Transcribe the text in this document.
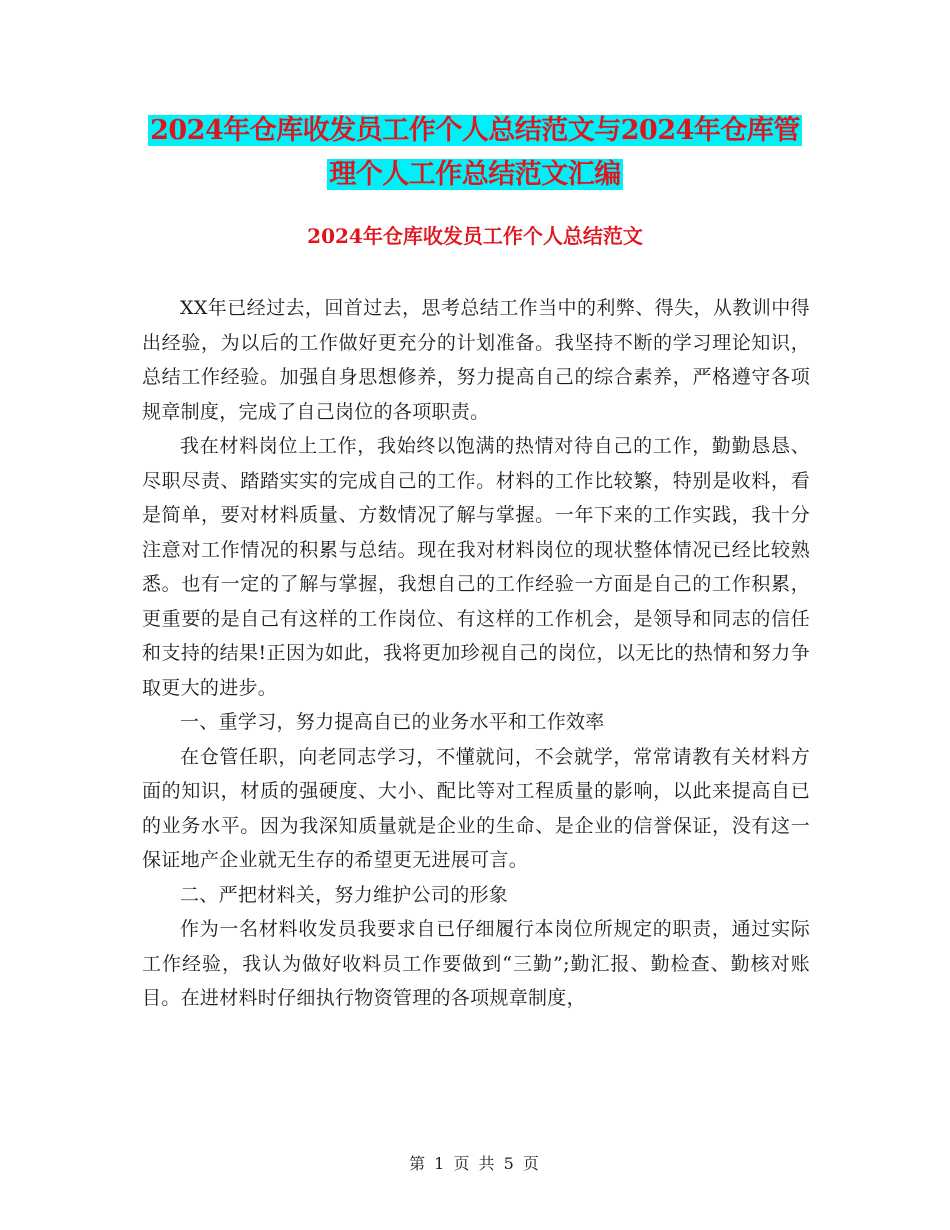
2024年仓库收发员工作个人总结范文与2024年仓库管
理个人工作总结范文汇编
2024年仓库收发员工作个人总结范文

XX年已经过去，回首过去，思考总结工作当中的利弊、得失，从教训中得出经验，为以后的工作做好更充分的计划准备。我坚持不断的学习理论知识，总结工作经验。加强自身思想修养，努力提高自己的综合素养，严格遵守各项规章制度，完成了自己岗位的各项职责。

我在材料岗位上工作，我始终以饱满的热情对待自己的工作，勤勤恳恳、尽职尽责、踏踏实实的完成自己的工作。材料的工作比较繁，特别是收料，看是简单，要对材料质量、方数情况了解与掌握。一年下来的工作实践，我十分注意对工作情况的积累与总结。现在我对材料岗位的现状整体情况已经比较熟悉。也有一定的了解与掌握，我想自己的工作经验一方面是自己的工作积累，更重要的是自己有这样的工作岗位、有这样的工作机会，是领导和同志的信任和支持的结果!正因为如此，我将更加珍视自己的岗位，以无比的热情和努力争取更大的进步。

一、重学习，努力提高自已的业务水平和工作效率

在仓管任职，向老同志学习，不懂就问，不会就学，常常请教有关材料方面的知识，材质的强硬度、大小、配比等对工程质量的影响，以此来提高自已的业务水平。因为我深知质量就是企业的生命、是企业的信誉保证，没有这一保证地产企业就无生存的希望更无进展可言。

二、严把材料关，努力维护公司的形象

作为一名材料收发员我要求自已仔细履行本岗位所规定的职责，通过实际工作经验，我认为做好收料员工作要做到“三勤”;勤汇报、勤检查、勤核对账目。在进材料时仔细执行物资管理的各项规章制度，

第 1 页 共 5 页
